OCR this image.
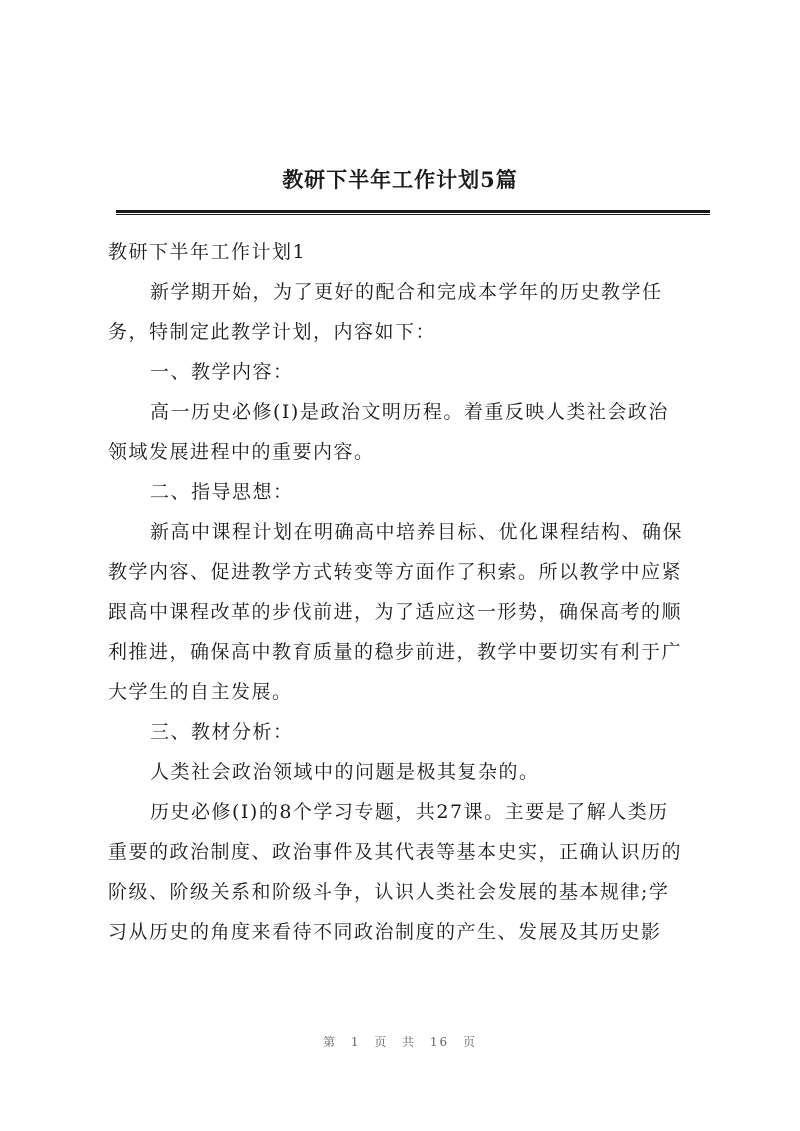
教研下半年工作计划5篇
教研下半年工作计划1
新学期开始，为了更好的配合和完成本学年的历史教学任
务，特制定此教学计划，内容如下：
一、教学内容：
高一历史必修(I)是政治文明历程。着重反映人类社会政治
领域发展进程中的重要内容。
二、指导思想：
新高中课程计划在明确高中培养目标、优化课程结构、确保
教学内容、促进教学方式转变等方面作了积索。所以教学中应紧
跟高中课程改革的步伐前进，为了适应这一形势，确保高考的顺
利推进，确保高中教育质量的稳步前进，教学中要切实有利于广
大学生的自主发展。
三、教材分析：
人类社会政治领域中的问题是极其复杂的。
历史必修(I)的8个学习专题，共27课。主要是了解人类历
重要的政治制度、政治事件及其代表等基本史实，正确认识历的
阶级、阶级关系和阶级斗争，认识人类社会发展的基本规律;学
习从历史的角度来看待不同政治制度的产生、发展及其历史影
第 1 页 共 16 页
